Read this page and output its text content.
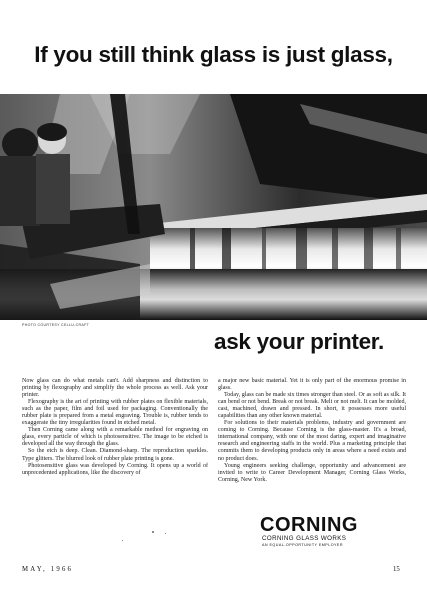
If you still think glass is just glass,
PHOTO COURTESY CELLU-CRAFT
ask your printer.

Now glass can do what metals can't. Add sharpness and distinction to printing by flexography and simplify the whole process as well. Ask your printer.

Flexography is the art of printing with rubber plates on flexible materials, such as the paper, film and foil used for packaging. Conventionally the rubber plate is prepared from a metal engraving. Trouble is, rubber tends to exaggerate the tiny irregularities found in etched metal.

Then Corning came along with a remarkable method for engraving on glass, every particle of which is photosensitive. The image to be etched is developed all the way through the glass.

So the etch is deep. Clean. Diamond-sharp. The reproduction sparkles. Type glitters. The blurred look of rubber plate printing is gone.

Photosensitive glass was developed by Corning. It opens up a world of unprecedented applications, like the discovery of

a major new basic material. Yet it is only part of the enormous promise in glass.

Today, glass can be made six times stronger than steel. Or as soft as silk. It can bend or not bend. Break or not break. Melt or not melt. It can be molded, cast, machined, drawn and pressed. In short, it possesses more useful capabilities than any other known material.

For solutions to their materials problems, industry and government are coming to Corning. Because Corning is the glass-master. It's a broad, international company, with one of the most daring, expert and imaginative research and engineering staffs in the world. Plus a marketing principle that commits them to developing products only in areas where a need exists and no product does.

Young engineers seeking challenge, opportunity and advancement are invited to write to Career Development Manager, Corning Glass Works, Corning, New York.

CORNING
CORNING GLASS WORKS
AN EQUAL-OPPORTUNITY EMPLOYER
MAY, 1966	15
